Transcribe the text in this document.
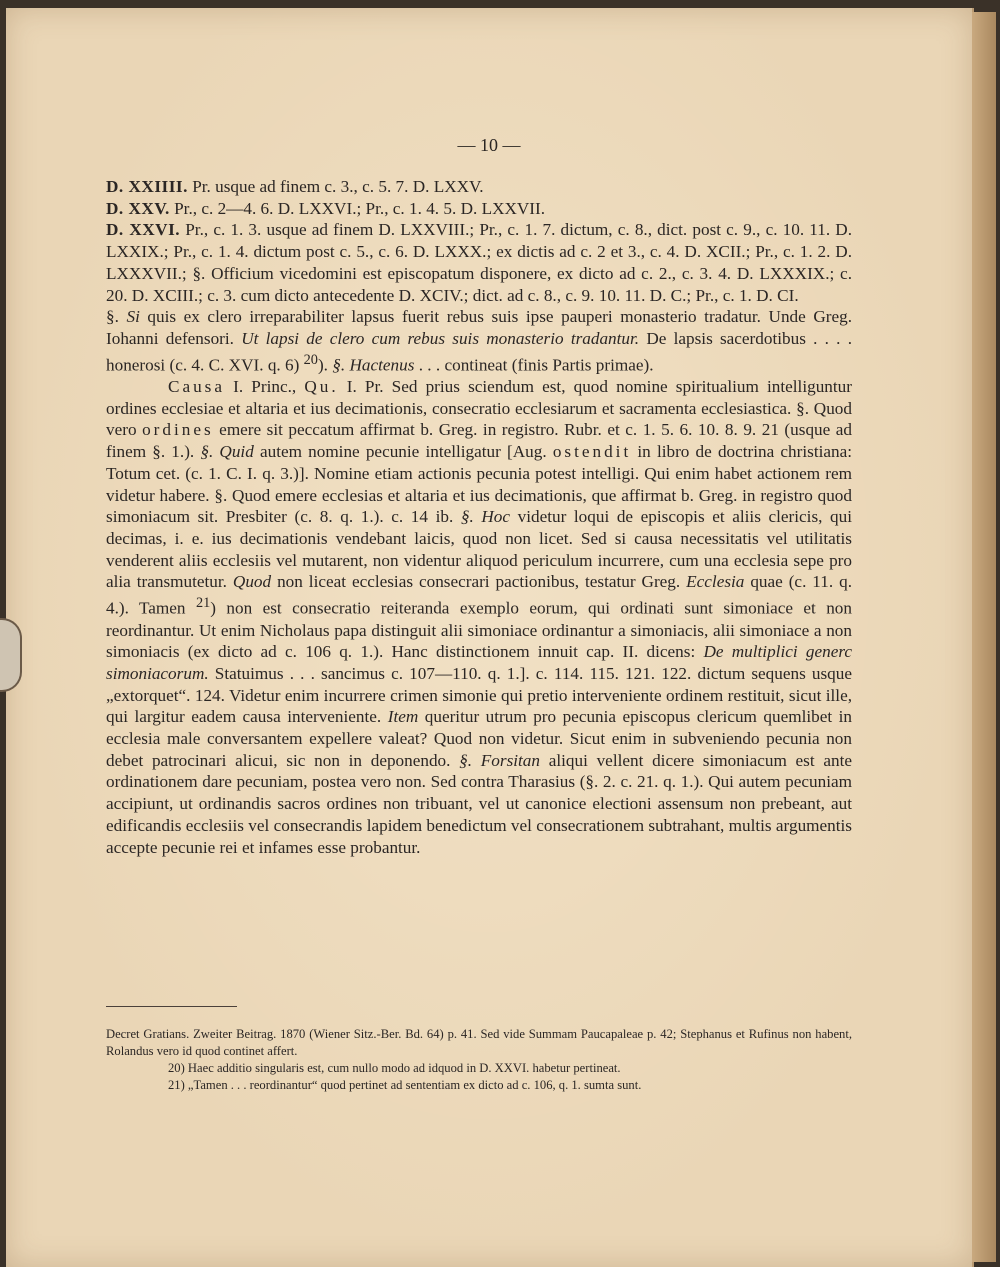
— 10 —

D. XXIIII. Pr. usque ad finem c. 3., c. 5. 7. D. LXXV.

D. XXV. Pr., c. 2—4. 6. D. LXXVI.; Pr., c. 1. 4. 5. D. LXXVII.

D. XXVI. Pr., c. 1. 3. usque ad finem D. LXXVIII.; Pr., c. 1. 7. dictum, c. 8., dict. post c. 9., c. 10. 11. D. LXXIX.; Pr., c. 1. 4. dictum post c. 5., c. 6. D. LXXX.; ex dictis ad c. 2 et 3., c. 4. D. XCII.; Pr., c. 1. 2. D. LXXXVII.; §. Officium vicedomini est episcopatum disponere, ex dicto ad c. 2., c. 3. 4. D. LXXXIX.; c. 20. D. XCIII.; c. 3. cum dicto antecedente D. XCIV.; dict. ad c. 8., c. 9. 10. 11. D. C.; Pr., c. 1. D. CI.

§. Si quis ex clero irreparabiliter lapsus fuerit rebus suis ipse pauperi monasterio tradatur. Unde Greg. Iohanni defensori. Ut lapsi de clero cum rebus suis monasterio tradantur. De lapsis sacerdotibus . . . . honerosi (c. 4. C. XVI. q. 6) $^{20}$). §. Hactenus . . . contineat (finis Partis primae).

Causa I. Princ., Qu. I. Pr. Sed prius sciendum est, quod nomine spiritualium intelliguntur ordines ecclesiae et altaria et ius decimationis, consecratio ecclesiarum et sacramenta ecclesiastica. §. Quod vero ordines emere sit peccatum affirmat b. Greg. in registro. Rubr. et c. 1. 5. 6. 10. 8. 9. 21 (usque ad finem §. 1.). §. Quid autem nomine pecunie intelligatur [Aug. ostendit in libro de doctrina christiana: Totum cet. (c. 1. C. I. q. 3.)]. Nomine etiam actionis pecunia potest intelligi. Qui enim habet actionem rem videtur habere. §. Quod emere ecclesias et altaria et ius decimationis, que affirmat b. Greg. in registro quod simoniacum sit. Presbiter (c. 8. q. 1.). c. 14 ib. §. Hoc videtur loqui de episcopis et aliis clericis, qui decimas, i. e. ius decimationis vendebant laicis, quod non licet. Sed si causa necessitatis vel utilitatis venderent aliis ecclesiis vel mutarent, non videntur aliquod periculum incurrere, cum una ecclesia sepe pro alia transmutetur. Quod non liceat ecclesias consecrari pactionibus, testatur Greg. Ecclesia quae (c. 11. q. 4.). Tamen $^{21}$) non est consecratio reiteranda exemplo eorum, qui ordinati sunt simoniace et non reordinantur. Ut enim Nicholaus papa distinguit alii simoniace ordinantur a simoniacis, alii simoniace a non simoniacis (ex dicto ad c. 106 q. 1.). Hanc distinctionem innuit cap. II. dicens: De multiplici generc simoniacorum. Statuimus . . . sancimus c. 107—110. q. 1.]. c. 114. 115. 121. 122. dictum sequens usque „extorquet“. 124. Videtur enim incurrere crimen simonie qui pretio interveniente ordinem restituit, sicut ille, qui largitur eadem causa interveniente. Item queritur utrum pro pecunia episcopus clericum quemlibet in ecclesia male conversantem expellere valeat? Quod non videtur. Sicut enim in subveniendo pecunia non debet patrocinari alicui, sic non in deponendo. §. Forsitan aliqui vellent dicere simoniacum est ante ordinationem dare pecuniam, postea vero non. Sed contra Tharasius (§. 2. c. 21. q. 1.). Qui autem pecuniam accipiunt, ut ordinandis sacros ordines non tribuant, vel ut canonice electioni assensum non prebeant, aut edificandis ecclesiis vel consecrandis lapidem benedictum vel consecrationem subtrahant, multis argumentis accepte pecunie rei et infames esse probantur.

Decret Gratians. Zweiter Beitrag. 1870 (Wiener Sitz.-Ber. Bd. 64) p. 41. Sed vide Summam Paucapaleae p. 42; Stephanus et Rufinus non habent, Rolandus vero id quod continet affert.

20) Haec additio singularis est, cum nullo modo ad idquod in D. XXVI. habetur pertineat.

21) „Tamen . . . reordinantur“ quod pertinet ad sententiam ex dicto ad c. 106, q. 1. sumta sunt.
